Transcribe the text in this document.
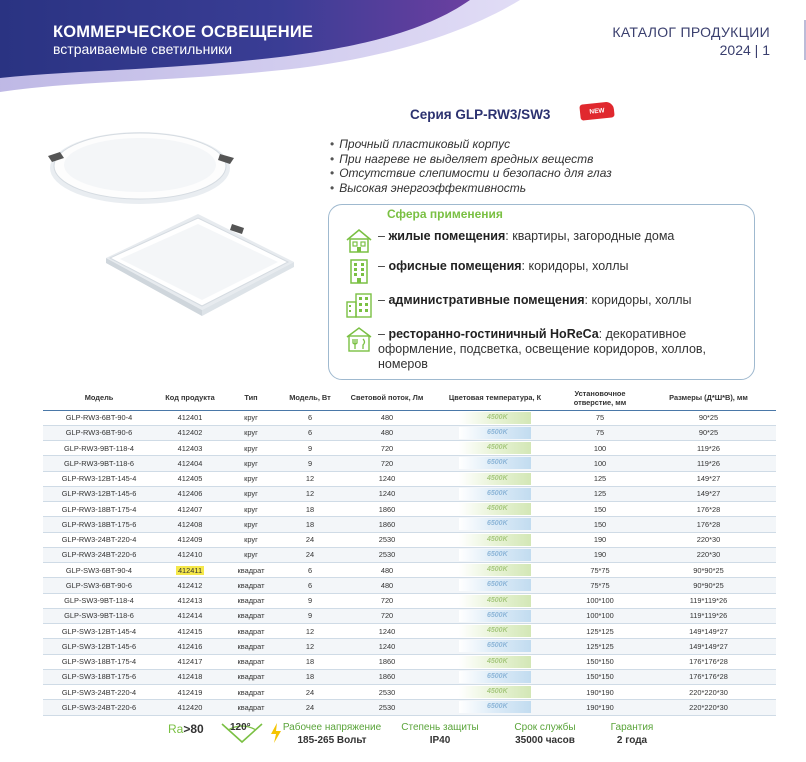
КОММЕРЧЕСКОЕ ОСВЕЩЕНИЕ
встраиваемые светильники
КАТАЛОГ ПРОДУКЦИИ
2024 | 1
Серия GLP-RW3/SW3	NEW
• Прочный пластиковый корпус
• При нагреве не выделяет вредных веществ
• Отсутствие слепимости и безопасно для глаз
• Высокая энергоэффективность
Сфера применения
– жилые помещения: квартиры, загородные дома
– офисные помещения: коридоры, холлы
– административные помещения: коридоры, холлы
– ресторанно-гостиничный HoReCa: декоративное оформление, подсветка, освещение коридоров, холлов, номеров
Модель	Код продукта	Тип	Модель, Вт	Световой поток, Лм	Цветовая температура, К	Установочное отверстие, мм	Размеры (Д*Ш*В), мм
GLP-RW3-6BT-90-4	412401	круг	6	480	4500K	75	90*25
GLP-RW3-6BT-90-6	412402	круг	6	480	6500K	75	90*25
GLP-RW3-9BT-118-4	412403	круг	9	720	4500K	100	119*26
GLP-RW3-9BT-118-6	412404	круг	9	720	6500K	100	119*26
GLP-RW3-12BT-145-4	412405	круг	12	1240	4500K	125	149*27
GLP-RW3-12BT-145-6	412406	круг	12	1240	6500K	125	149*27
GLP-RW3-18BT-175-4	412407	круг	18	1860	4500K	150	176*28
GLP-RW3-18BT-175-6	412408	круг	18	1860	6500K	150	176*28
GLP-RW3-24BT-220-4	412409	круг	24	2530	4500K	190	220*30
GLP-RW3-24BT-220-6	412410	круг	24	2530	6500K	190	220*30
GLP-SW3-6BT-90-4	412411	квадрат	6	480	4500K	75*75	90*90*25
GLP-SW3-6BT-90-6	412412	квадрат	6	480	6500K	75*75	90*90*25
GLP-SW3-9BT-118-4	412413	квадрат	9	720	4500K	100*100	119*119*26
GLP-SW3-9BT-118-6	412414	квадрат	9	720	6500K	100*100	119*119*26
GLP-SW3-12BT-145-4	412415	квадрат	12	1240	4500K	125*125	149*149*27
GLP-SW3-12BT-145-6	412416	квадрат	12	1240	6500K	125*125	149*149*27
GLP-SW3-18BT-175-4	412417	квадрат	18	1860	4500K	150*150	176*176*28
GLP-SW3-18BT-175-6	412418	квадрат	18	1860	6500K	150*150	176*176*28
GLP-SW3-24BT-220-4	412419	квадрат	24	2530	4500K	190*190	220*220*30
GLP-SW3-24BT-220-6	412420	квадрат	24	2530	6500K	190*190	220*220*30
Ra>80	120°	Рабочее напряжение
185-265 Вольт
Степень защиты
IP40
Срок службы
35000 часов
Гарантия
2 года
